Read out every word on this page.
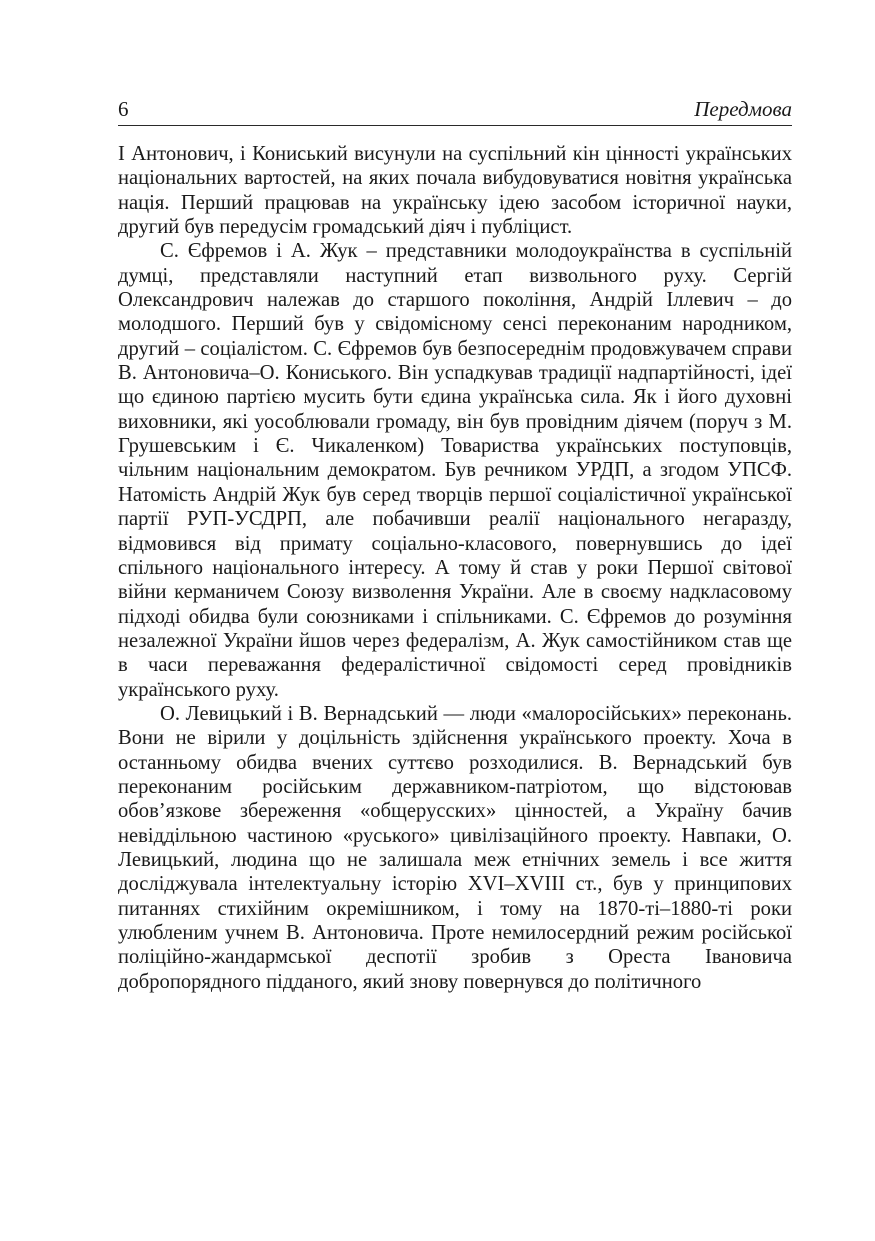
6	Передмова

І Антонович, і Кониський висунули на суспільний кін цінності українських національних вартостей, на яких почала вибудовуватися новітня українська нація. Перший працював на українську ідею засобом історичної науки, другий був передусім громадський діяч і публіцист.

С. Єфремов і А. Жук – представники молодоукраїнства в суспільній думці, представляли наступний етап визвольного руху. Сергій Олександрович належав до старшого покоління, Андрій Іллевич – до молодшого. Перший був у свідомісному сенсі переконаним народником, другий – соціалістом. С. Єфремов був безпосереднім продовжувачем справи В. Антоновича–О. Кониського. Він успадкував традиції надпартійності, ідеї що єдиною партією мусить бути єдина українська сила. Як і його духовні виховники, які уособлювали громаду, він був провідним діячем (поруч з М. Грушевським і Є. Чикаленком) Товариства українських поступовців, чільним національним демократом. Був речником УРДП, а згодом УПСФ. Натомість Андрій Жук був серед творців першої соціалістичної української партії РУП-УСДРП, але побачивши реалії національного негаразду, відмовився від примату соціально-класового, повернувшись до ідеї спільного національного інтересу. А тому й став у роки Першої світової війни керманичем Союзу визволення України. Але в своєму надкласовому підході обидва були союзниками і спільниками. С. Єфремов до розуміння незалежної України йшов через федералізм, А. Жук самостійником став ще в часи переважання федералістичної свідомості серед провідників українського руху.

О. Левицький і В. Вернадський — люди «малоросійських» переконань. Вони не вірили у доцільність здійснення українського проекту. Хоча в останньому обидва вчених суттєво розходилися. В. Вернадський був переконаним російським державником-патріотом, що відстоював обов’язкове збереження «общерусских» цінностей, а Україну бачив невіддільною частиною «руського» цивілізаційного проекту. Навпаки, О. Левицький, людина що не залишала меж етнічних земель і все життя досліджувала інтелектуальну історію XVI–XVIII ст., був у принципових питаннях стихійним окремішником, і тому на 1870-ті–1880-ті роки улюбленим учнем В. Антоновича. Проте немилосердний режим російської поліційно-жандармської деспотії зробив з Ореста Івановича добропорядного підданого, який знову повернувся до політичного
